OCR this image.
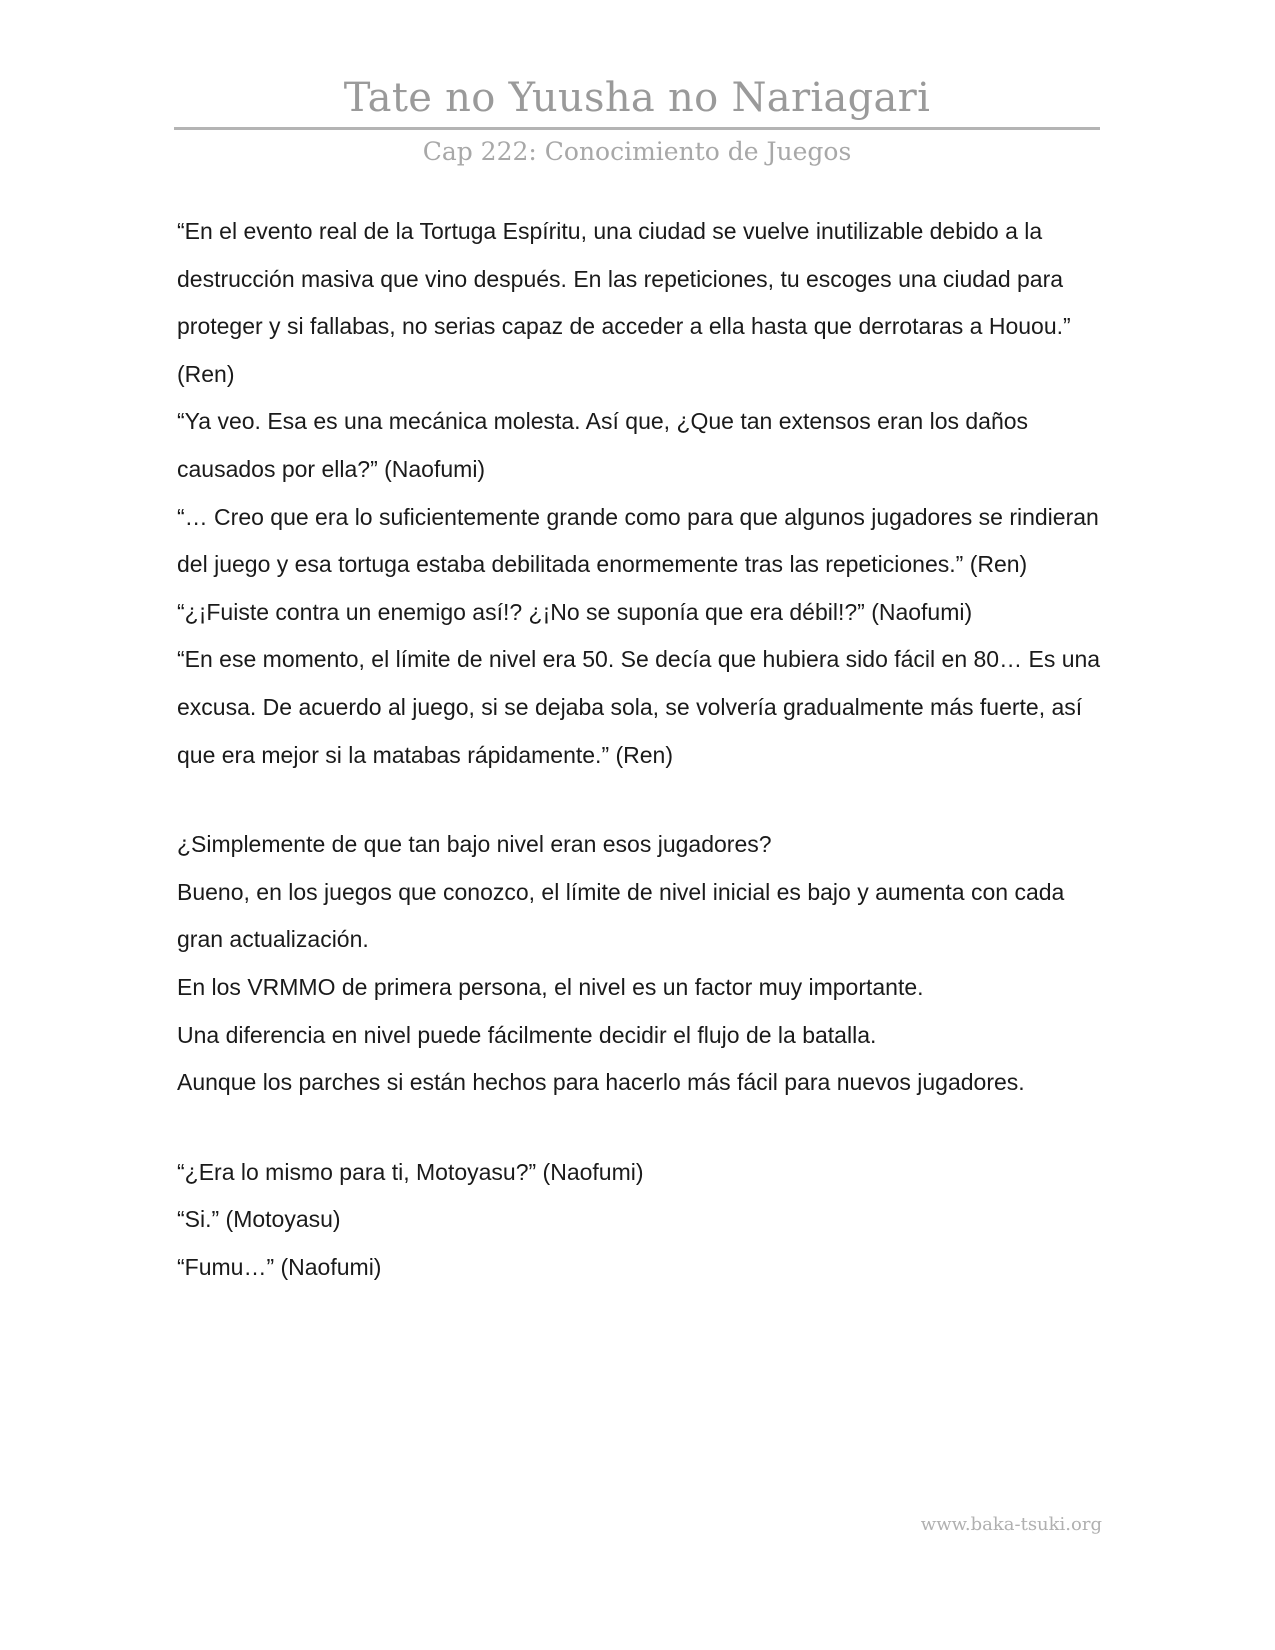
Tate no Yuusha no Nariagari
Cap 222: Conocimiento de Juegos

“En el evento real de la Tortuga Espíritu, una ciudad se vuelve inutilizable debido a la destrucción masiva que vino después. En las repeticiones, tu escoges una ciudad para proteger y si fallabas, no serias capaz de acceder a ella hasta que derrotaras a Houou.” (Ren)

“Ya veo. Esa es una mecánica molesta. Así que, ¿Que tan extensos eran los daños causados por ella?” (Naofumi)

“… Creo que era lo suficientemente grande como para que algunos jugadores se rindieran del juego y esa tortuga estaba debilitada enormemente tras las repeticiones.” (Ren)

“¿¡Fuiste contra un enemigo así!? ¿¡No se suponía que era débil!?” (Naofumi)

“En ese momento, el límite de nivel era 50. Se decía que hubiera sido fácil en 80… Es una excusa. De acuerdo al juego, si se dejaba sola, se volvería gradualmente más fuerte, así que era mejor si la matabas rápidamente.” (Ren)

¿Simplemente de que tan bajo nivel eran esos jugadores?

Bueno, en los juegos que conozco, el límite de nivel inicial es bajo y aumenta con cada gran actualización.

En los VRMMO de primera persona, el nivel es un factor muy importante.

Una diferencia en nivel puede fácilmente decidir el flujo de la batalla.

Aunque los parches si están hechos para hacerlo más fácil para nuevos jugadores.

“¿Era lo mismo para ti, Motoyasu?” (Naofumi)

“Si.” (Motoyasu)

“Fumu…” (Naofumi)

www.baka-tsuki.org
